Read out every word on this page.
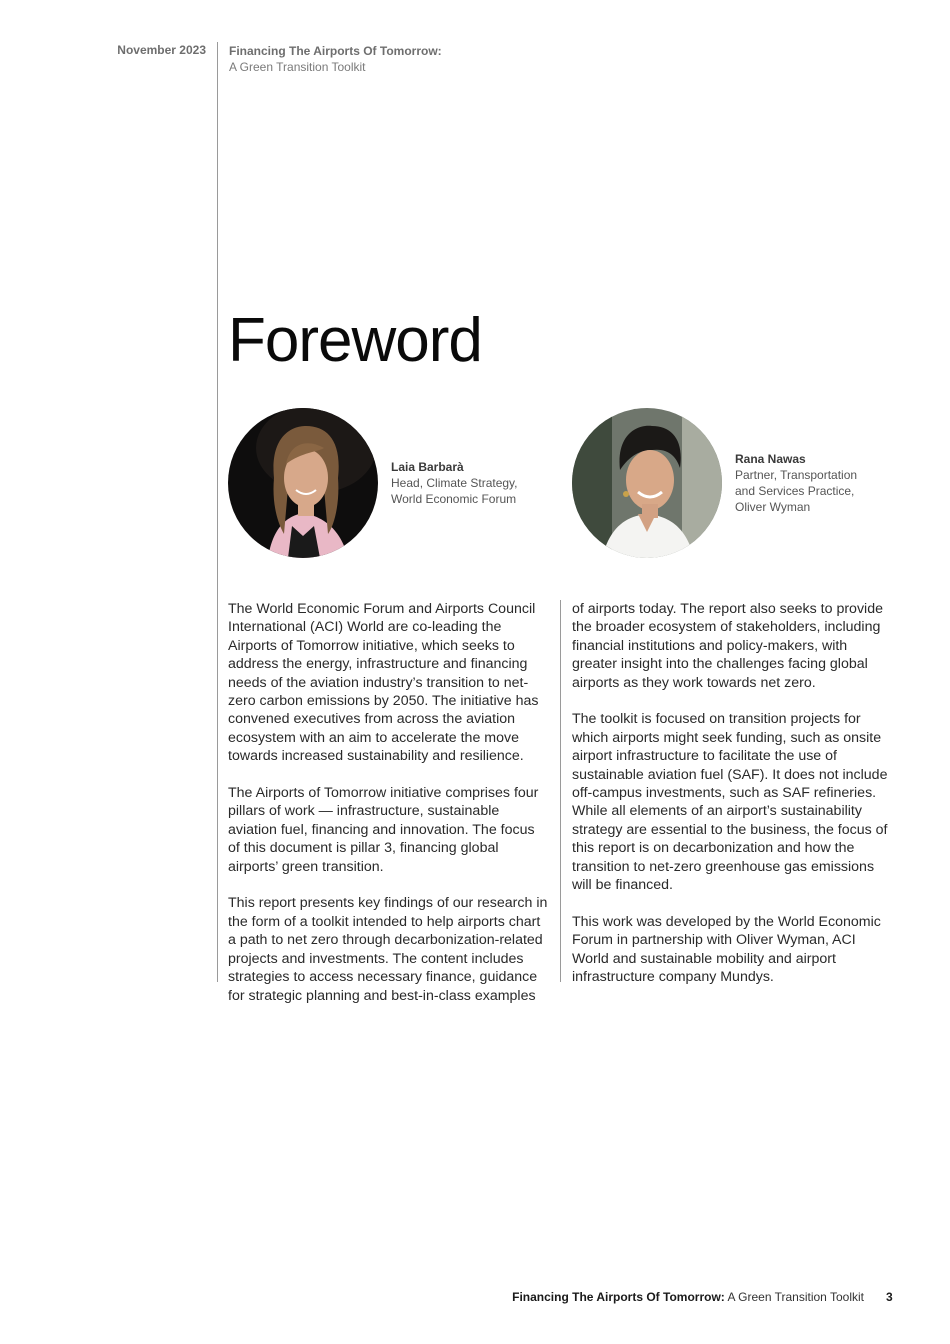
November 2023 Financing The Airports Of Tomorrow:
A Green Transition Toolkit
Foreword
Laia Barbarà
Head, Climate Strategy,
World Economic Forum
Rana Nawas
Partner, Transportation
and Services Practice,
Oliver Wyman

The World Economic Forum and Airports Council International (ACI) World are co-leading the Airports of Tomorrow initiative, which seeks to address the energy, infrastructure and financing needs of the aviation industry’s transition to net-zero carbon emissions by 2050. The initiative has convened executives from across the aviation ecosystem with an aim to accelerate the move towards increased sustainability and resilience.

The Airports of Tomorrow initiative comprises four pillars of work — infrastructure, sustainable aviation fuel, financing and innovation. The focus of this document is pillar 3, financing global airports’ green transition.

This report presents key findings of our research in the form of a toolkit intended to help airports chart a path to net zero through decarbonization-related projects and investments. The content includes strategies to access necessary finance, guidance for strategic planning and best-in-class examples

of airports today. The report also seeks to provide the broader ecosystem of stakeholders, including financial institutions and policy-makers, with greater insight into the challenges facing global airports as they work towards net zero.

The toolkit is focused on transition projects for which airports might seek funding, such as onsite airport infrastructure to facilitate the use of sustainable aviation fuel (SAF). It does not include off-campus investments, such as SAF refineries. While all elements of an airport’s sustainability strategy are essential to the business, the focus of this report is on decarbonization and how the transition to net-zero greenhouse gas emissions will be financed.

This work was developed by the World Economic Forum in partnership with Oliver Wyman, ACI World and sustainable mobility and airport infrastructure company Mundys.

Financing The Airports Of Tomorrow: A Green Transition Toolkit 3
